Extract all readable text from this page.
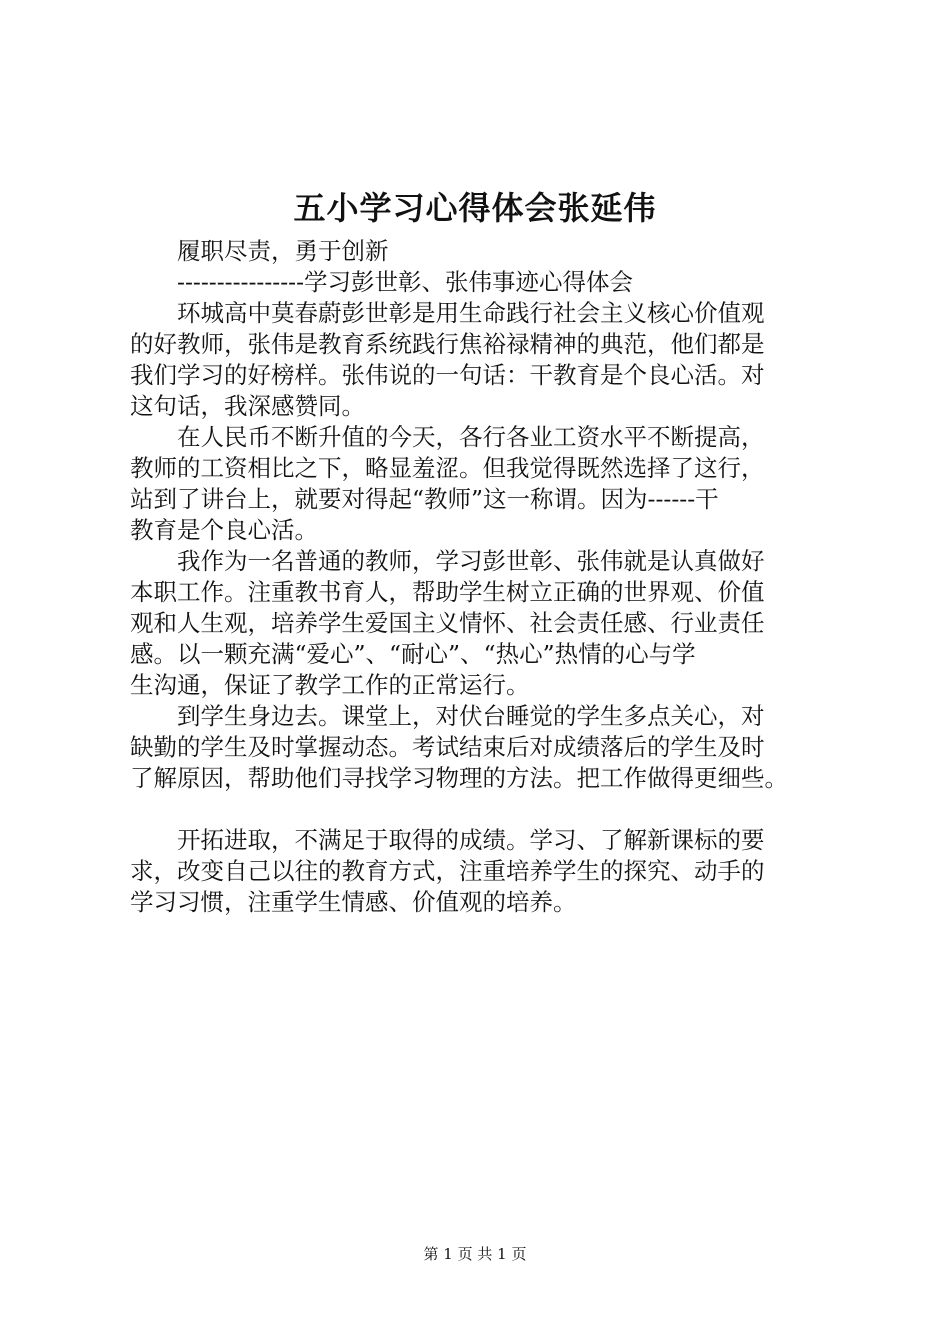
五小学习心得体会张延伟
　　履职尽责，勇于创新
　　----------------学习彭世彰、张伟事迹心得体会
　　环城高中莫春蔚彭世彰是用生命践行社会主义核心价值观
的好教师，张伟是教育系统践行焦裕禄精神的典范，他们都是
我们学习的好榜样。张伟说的一句话：干教育是个良心活。对
这句话，我深感赞同。
　　在人民币不断升值的今天，各行各业工资水平不断提高，
教师的工资相比之下，略显羞涩。但我觉得既然选择了这行，
站到了讲台上，就要对得起“教师”这一称谓。因为------干
教育是个良心活。
　　我作为一名普通的教师，学习彭世彰、张伟就是认真做好
本职工作。注重教书育人，帮助学生树立正确的世界观、价值
观和人生观，培养学生爱国主义情怀、社会责任感、行业责任
感。以一颗充满“爱心”、“耐心”、“热心”热情的心与学
生沟通，保证了教学工作的正常运行。
　　到学生身边去。课堂上，对伏台睡觉的学生多点关心，对
缺勤的学生及时掌握动态。考试结束后对成绩落后的学生及时
了解原因，帮助他们寻找学习物理的方法。把工作做得更细些。
　　开拓进取，不满足于取得的成绩。学习、了解新课标的要
求，改变自己以往的教育方式，注重培养学生的探究、动手的
学习习惯，注重学生情感、价值观的培养。
第 1 页 共 1 页
